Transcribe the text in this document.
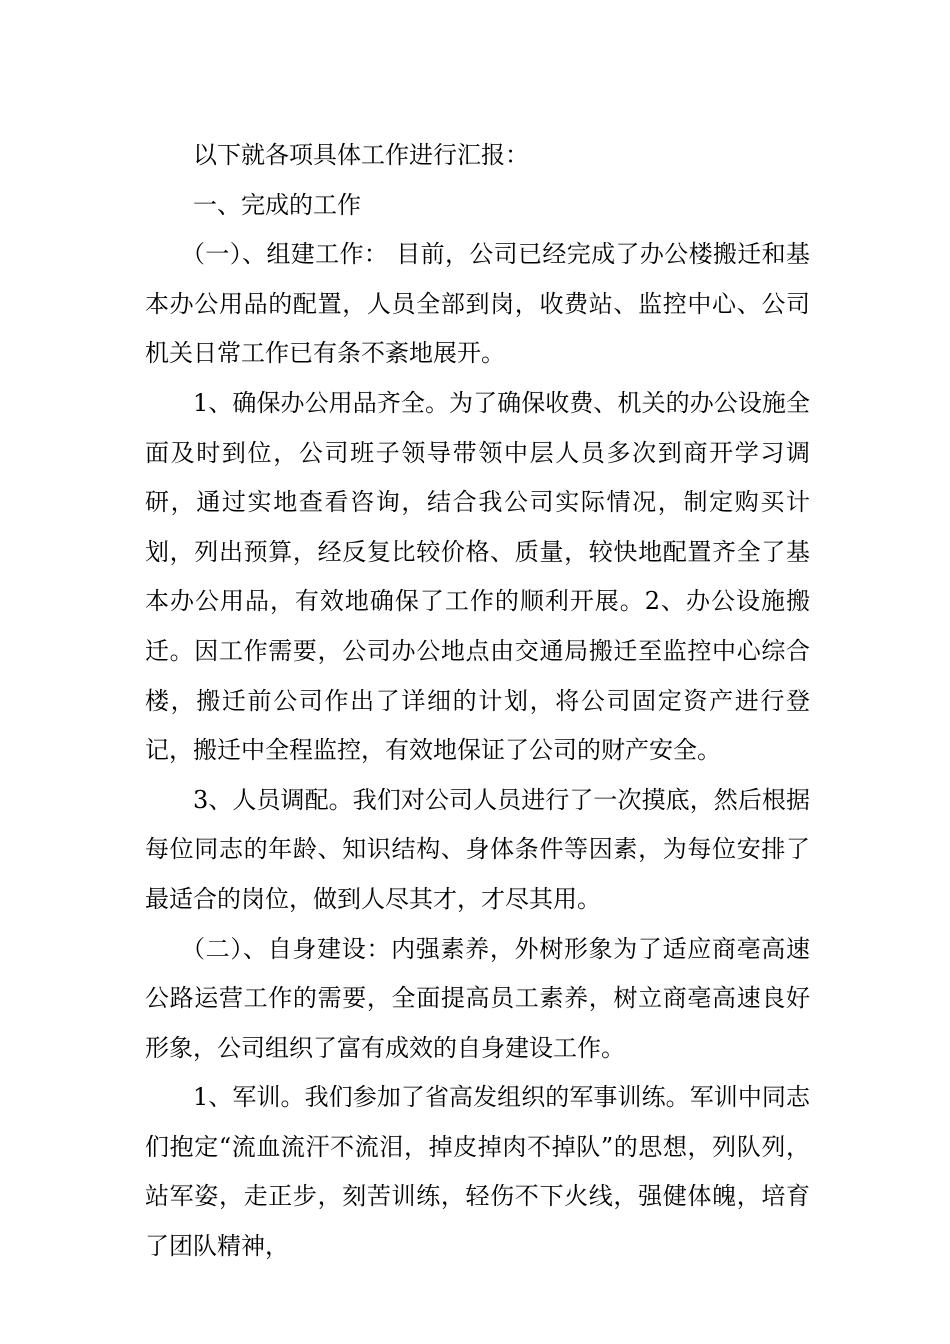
以下就各项具体工作进行汇报：

一、完成的工作

（一）、组建工作： 目前，公司已经完成了办公楼搬迁和基本办公用品的配置，人员全部到岗，收费站、监控中心、公司机关日常工作已有条不紊地展开。

1、确保办公用品齐全。为了确保收费、机关的办公设施全面及时到位，公司班子领导带领中层人员多次到商开学习调研，通过实地查看咨询，结合我公司实际情况，制定购买计划，列出预算，经反复比较价格、质量，较快地配置齐全了基本办公用品，有效地确保了工作的顺利开展。2、办公设施搬迁。因工作需要，公司办公地点由交通局搬迁至监控中心综合楼，搬迁前公司作出了详细的计划，将公司固定资产进行登记，搬迁中全程监控，有效地保证了公司的财产安全。

3、人员调配。我们对公司人员进行了一次摸底，然后根据每位同志的年龄、知识结构、身体条件等因素，为每位安排了最适合的岗位，做到人尽其才，才尽其用。

（二）、自身建设：内强素养，外树形象为了适应商亳高速公路运营工作的需要，全面提高员工素养，树立商亳高速良好形象，公司组织了富有成效的自身建设工作。

1、军训。我们参加了省高发组织的军事训练。军训中同志们抱定“流血流汗不流泪，掉皮掉肉不掉队”的思想，列队列，站军姿，走正步，刻苦训练，轻伤不下火线，强健体魄，培育了团队精神，
